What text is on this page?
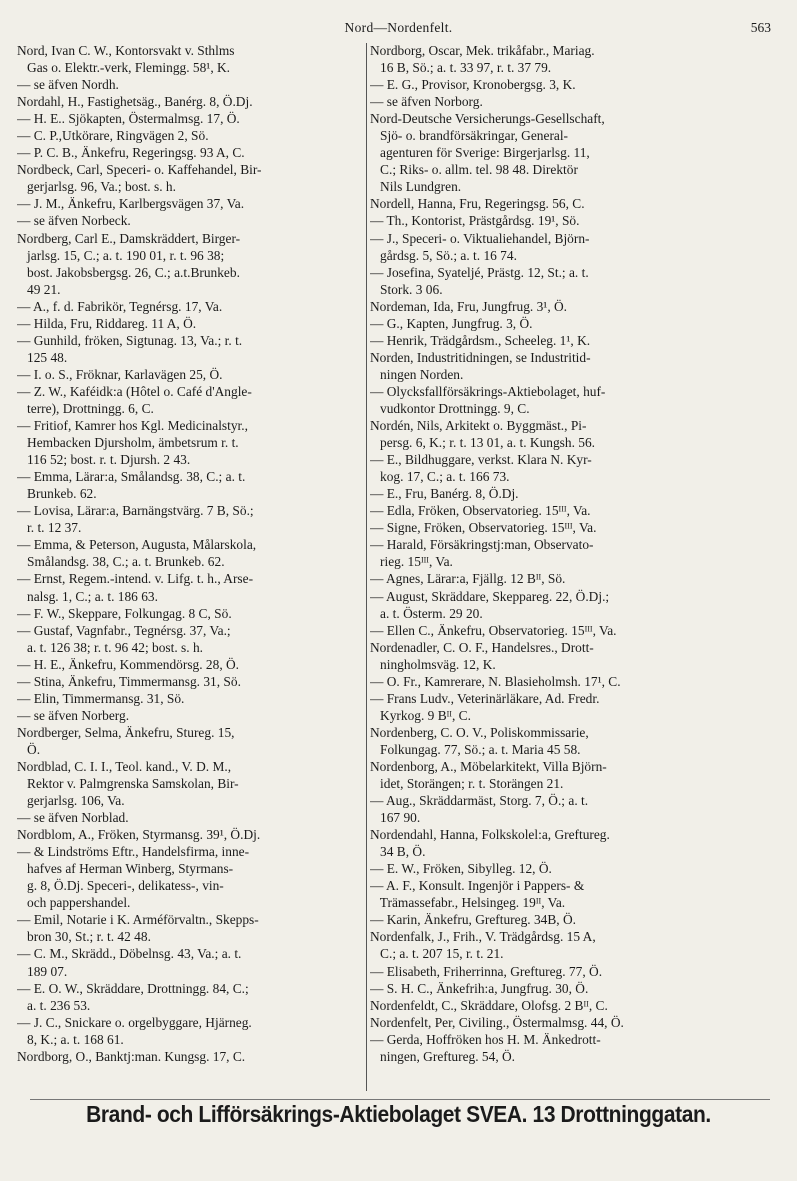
Nord—Nordenfelt.	563
Nord, Ivan C. W., Kontorsvakt v. Sthlms
Gas o. Elektr.-verk, Flemingg. 58¹, K.
— se äfven Nordh.
Nordahl, H., Fastighetsäg., Banérg. 8, Ö.Dj.
— H. E.. Sjökapten, Östermalmsg. 17, Ö.
— C. P.,Utkörare, Ringvägen 2, Sö.
— P. C. B., Änkefru, Regeringsg. 93 A, C.
Nordbeck, Carl, Speceri- o. Kaffehandel, Bir-
gerjarlsg. 96, Va.; bost. s. h.
— J. M., Änkefru, Karlbergsvägen 37, Va.
— se äfven Norbeck.
Nordberg, Carl E., Damskräddert, Birger-
jarlsg. 15, C.; a. t. 190 01, r. t. 96 38;
bost. Jakobsbergsg. 26, C.; a.t.Brunkeb.
49 21.
— A., f. d. Fabrikör, Tegnérsg. 17, Va.
— Hilda, Fru, Riddareg. 11 A, Ö.
— Gunhild, fröken, Sigtunag. 13, Va.; r. t.
125 48.
— I. o. S., Fröknar, Karlavägen 25, Ö.
— Z. W., Kaféidk:a (Hôtel o. Café d'Angle-
terre), Drottningg. 6, C.
— Fritiof, Kamrer hos Kgl. Medicinalstyr.,
Hembacken Djursholm, ämbetsrum r. t.
116 52; bost. r. t. Djursh. 2 43.
— Emma, Lärar:a, Smålandsg. 38, C.; a. t.
Brunkeb. 62.
— Lovisa, Lärar:a, Barnängstvärg. 7 B, Sö.;
r. t. 12 37.
— Emma, & Peterson, Augusta, Målarskola,
Smålandsg. 38, C.; a. t. Brunkeb. 62.
— Ernst, Regem.-intend. v. Lifg. t. h., Arse-
nalsg. 1, C.; a. t. 186 63.
— F. W., Skeppare, Folkungag. 8 C, Sö.
— Gustaf, Vagnfabr., Tegnérsg. 37, Va.;
a. t. 126 38; r. t. 96 42; bost. s. h.
— H. E., Änkefru, Kommendörsg. 28, Ö.
— Stina, Änkefru, Timmermansg. 31, Sö.
— Elin, Timmermansg. 31, Sö.
— se äfven Norberg.
Nordberger, Selma, Änkefru, Stureg. 15,
Ö.
Nordblad, C. I. I., Teol. kand., V. D. M.,
Rektor v. Palmgrenska Samskolan, Bir-
gerjarlsg. 106, Va.
— se äfven Norblad.
Nordblom, A., Fröken, Styrmansg. 39¹, Ö.Dj.
— & Lindströms Eftr., Handelsfirma, inne-
hafves af Herman Winberg, Styrmans-
g. 8, Ö.Dj. Speceri-, delikatess-, vin-
och pappershandel.
— Emil, Notarie i K. Arméförvaltn., Skepps-
bron 30, St.; r. t. 42 48.
— C. M., Skrädd., Döbelnsg. 43, Va.; a. t.
189 07.
— E. O. W., Skräddare, Drottningg. 84, C.;
a. t. 236 53.
— J. C., Snickare o. orgelbyggare, Hjärneg.
8, K.; a. t. 168 61.
Nordborg, O., Banktj:man. Kungsg. 17, C.
Nordborg, Oscar, Mek. trikåfabr., Mariag.
16 B, Sö.; a. t. 33 97, r. t. 37 79.
— E. G., Provisor, Kronobergsg. 3, K.
— se äfven Norborg.
Nord-Deutsche Versicherungs-Gesellschaft,
Sjö- o. brandförsäkringar, General-
agenturen för Sverige: Birgerjarlsg. 11,
C.; Riks- o. allm. tel. 98 48. Direktör
Nils Lundgren.
Nordell, Hanna, Fru, Regeringsg. 56, C.
— Th., Kontorist, Prästgårdsg. 19¹, Sö.
— J., Speceri- o. Viktualiehandel, Björn-
gårdsg. 5, Sö.; a. t. 16 74.
— Josefina, Syateljé, Prästg. 12, St.; a. t.
Stork. 3 06.
Nordeman, Ida, Fru, Jungfrug. 3¹, Ö.
— G., Kapten, Jungfrug. 3, Ö.
— Henrik, Trädgårdsm., Scheeleg. 1¹, K.
Norden, Industritidningen, se Industritid-
ningen Norden.
— Olycksfallförsäkrings-Aktiebolaget, huf-
vudkontor Drottningg. 9, C.
Nordén, Nils, Arkitekt o. Byggmäst., Pi-
persg. 6, K.; r. t. 13 01, a. t. Kungsh. 56.
— E., Bildhuggare, verkst. Klara N. Kyr-
kog. 17, C.; a. t. 166 73.
— E., Fru, Banérg. 8, Ö.Dj.
— Edla, Fröken, Observatorieg. 15ᴵᴵᴵ, Va.
— Signe, Fröken, Observatorieg. 15ᴵᴵᴵ, Va.
— Harald, Försäkringstj:man, Observato-
rieg. 15ᴵᴵᴵ, Va.
— Agnes, Lärar:a, Fjällg. 12 Bᴵᴵ, Sö.
— August, Skräddare, Skeppareg. 22, Ö.Dj.;
a. t. Österm. 29 20.
— Ellen C., Änkefru, Observatorieg. 15ᴵᴵᴵ, Va.
Nordenadler, C. O. F., Handelsres., Drott-
ningholmsväg. 12, K.
— O. Fr., Kamrerare, N. Blasieholmsh. 17¹, C.
— Frans Ludv., Veterinärläkare, Ad. Fredr.
Kyrkog. 9 Bᴵᴵ, C.
Nordenberg, C. O. V., Poliskommissarie,
Folkungag. 77, Sö.; a. t. Maria 45 58.
Nordenborg, A., Möbelarkitekt, Villa Björn-
idet, Storängen; r. t. Storängen 21.
— Aug., Skräddarmäst, Storg. 7, Ö.; a. t.
167 90.
Nordendahl, Hanna, Folkskolel:a, Greftureg.
34 B, Ö.
— E. W., Fröken, Sibylleg. 12, Ö.
— A. F., Konsult. Ingenjör i Pappers- &
Trämassefabr., Helsingeg. 19ᴵᴵ, Va.
— Karin, Änkefru, Greftureg. 34B, Ö.
Nordenfalk, J., Frih., V. Trädgårdsg. 15 A,
C.; a. t. 207 15, r. t. 21.
— Elisabeth, Friherrinna, Greftureg. 77, Ö.
— S. H. C., Änkefrih:a, Jungfrug. 30, Ö.
Nordenfeldt, C., Skräddare, Olofsg. 2 Bᴵᴵ, C.
Nordenfelt, Per, Civiling., Östermalmsg. 44, Ö.
— Gerda, Hoffröken hos H. M. Änkedrott-
ningen, Greftureg. 54, Ö.
Brand- och Lifförsäkrings-Aktiebolaget SVEA. 13 Drottninggatan.
